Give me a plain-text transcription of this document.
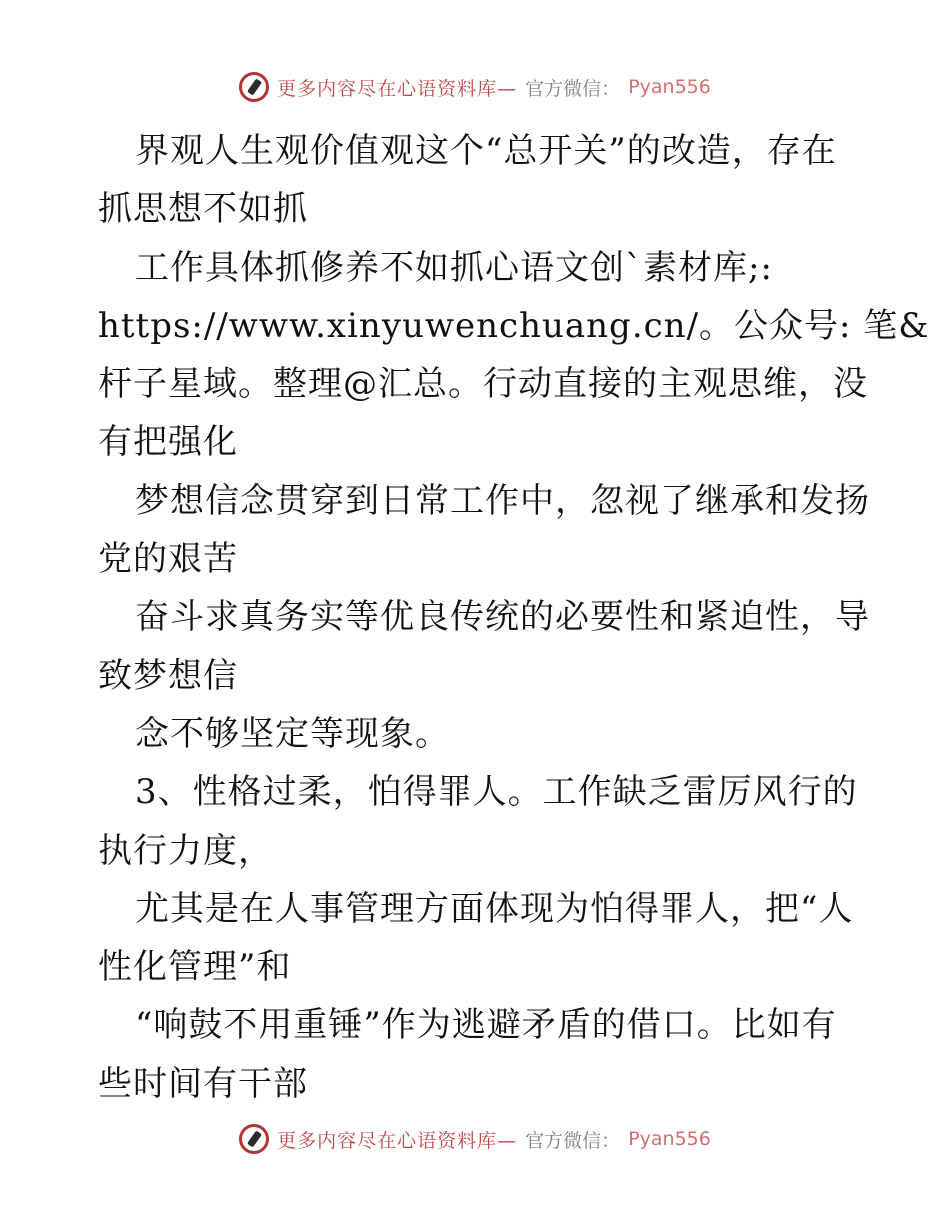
更多内容尽在心语资料库— 官方微信： Pyan556
界观人生观价值观这个“总开关”的改造，存在
抓思想不如抓
工作具体抓修养不如抓心语文创`素材库;:
https://www.xinyuwenchuang.cn/。公众号: 笔&
杆子星域。整理@汇总。行动直接的主观思维，没
有把强化
梦想信念贯穿到日常工作中，忽视了继承和发扬
党的艰苦
奋斗求真务实等优良传统的必要性和紧迫性，导
致梦想信
念不够坚定等现象。
3、性格过柔，怕得罪人。工作缺乏雷厉风行的
执行力度，
尤其是在人事管理方面体现为怕得罪人，把“人
性化管理”和
“响鼓不用重锤”作为逃避矛盾的借口。比如有
些时间有干部
更多内容尽在心语资料库— 官方微信： Pyan556
